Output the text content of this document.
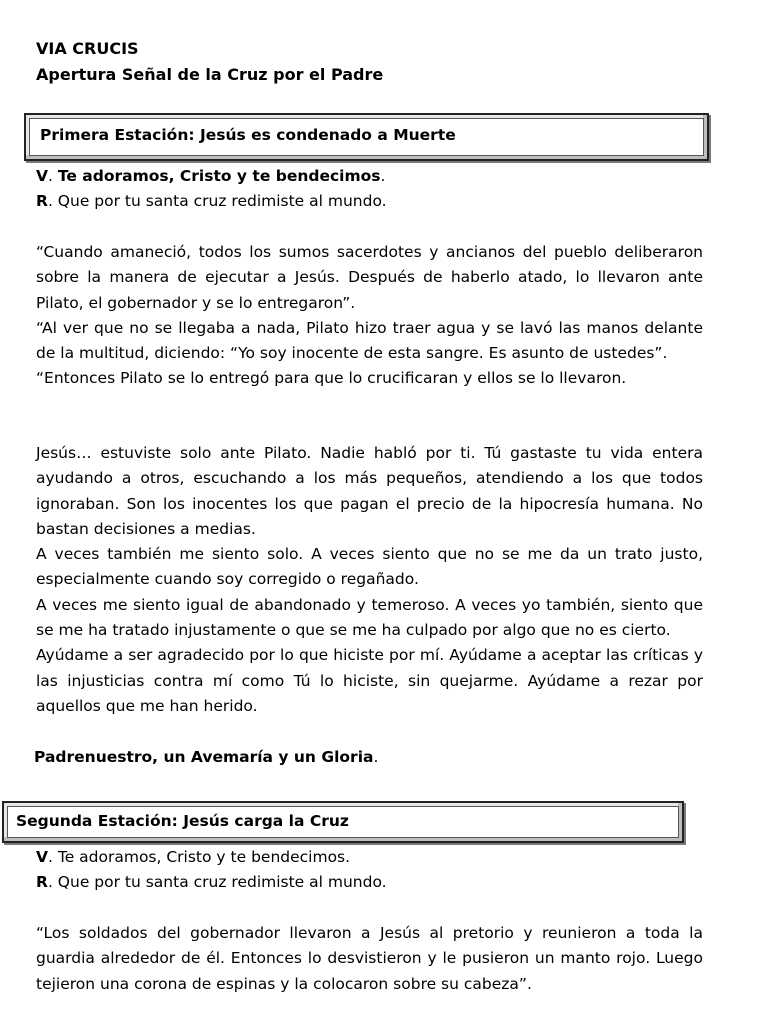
VIA CRUCIS
Apertura Señal de la Cruz por el Padre
Primera Estación: Jesús es condenado a Muerte
V. Te adoramos, Cristo y te bendecimos.
R. Que por tu santa cruz redimiste al mundo.
“Cuando amaneció, todos los sumos sacerdotes y ancianos del pueblo deliberaron sobre la manera de ejecutar a Jesús. Después de haberlo atado, lo llevaron ante Pilato, el gobernador y se lo entregaron”.
“Al ver que no se llegaba a nada, Pilato hizo traer agua y se lavó las manos delante de la multitud, diciendo: “Yo soy inocente de esta sangre. Es asunto de ustedes”.
“Entonces Pilato se lo entregó para que lo crucificaran y ellos se lo llevaron.
Jesús… estuviste solo ante Pilato. Nadie habló por ti. Tú gastaste tu vida entera ayudando a otros, escuchando a los más pequeños, atendiendo a los que todos ignoraban. Son los inocentes los que pagan el precio de la hipocresía humana. No bastan decisiones a medias.
A veces también me siento solo. A veces siento que no se me da un trato justo, especialmente cuando soy corregido o regañado.
A veces me siento igual de abandonado y temeroso. A veces yo también, siento que se me ha tratado injustamente o que se me ha culpado por algo que no es cierto.
Ayúdame a ser agradecido por lo que hiciste por mí. Ayúdame a aceptar las críticas y las injusticias contra mí como Tú lo hiciste, sin quejarme. Ayúdame a rezar por aquellos que me han herido.
Padrenuestro, un Avemaría y un Gloria.
Segunda Estación: Jesús carga la Cruz
V. Te adoramos, Cristo y te bendecimos.
R. Que por tu santa cruz redimiste al mundo.
“Los soldados del gobernador llevaron a Jesús al pretorio y reunieron a toda la guardia alrededor de él. Entonces lo desvistieron y le pusieron un manto rojo. Luego tejieron una corona de espinas y la colocaron sobre su cabeza”.
